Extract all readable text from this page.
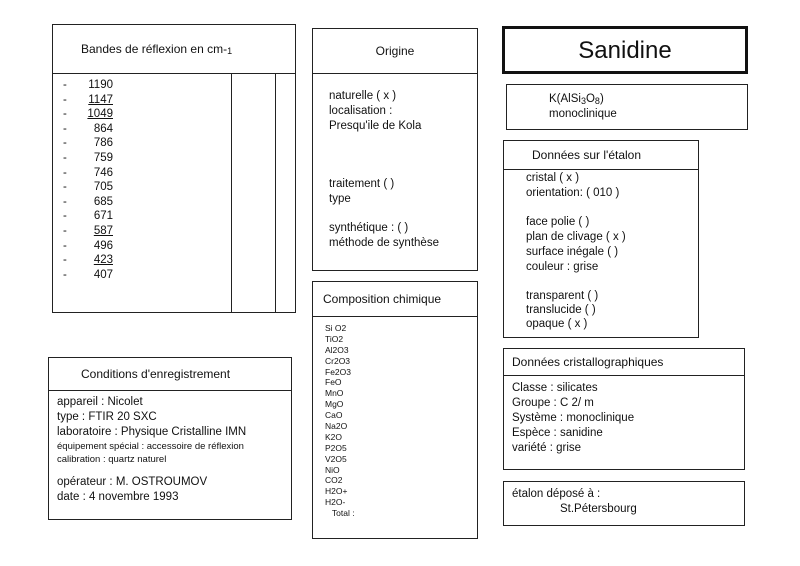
Bandes de réflexion en cm- 1
-	1190
-	1147
-	1049
-	864
-	786
-	759
-	746
-	705
-	685
-	671
-	587
-	496
-	423
-	407
Origine
naturelle ( x )
localisation :
Presqu'ile de Kola
traitement ( )
type
synthétique : ( )
méthode de synthèse
Composition chimique
Si O2
TiO2
Al2O3
Cr2O3
Fe2O3
FeO
MnO
MgO
CaO
Na2O
K2O
P2O5
V2O5
NiO
CO2
H2O+
H2O-
Total :
Conditions d'enregistrement
appareil : Nicolet
type : FTIR 20 SXC
laboratoire : Physique Cristalline IMN
équipement spécial : accessoire de réflexion
calibration : quartz naturel
opérateur : M. OSTROUMOV
date : 4 novembre 1993
Sanidine
K(AlSi3O8)
monoclinique
Données sur l'étalon
cristal ( x )
orientation: ( 010 )
face polie ( )
plan de clivage ( x )
surface inégale ( )
couleur : grise
transparent ( )
translucide ( )
opaque ( x )
Données cristallographiques
Classe : silicates
Groupe : C 2/ m
Système : monoclinique
Espèce : sanidine
variété : grise
étalon déposé à :
St.Pétersbourg
